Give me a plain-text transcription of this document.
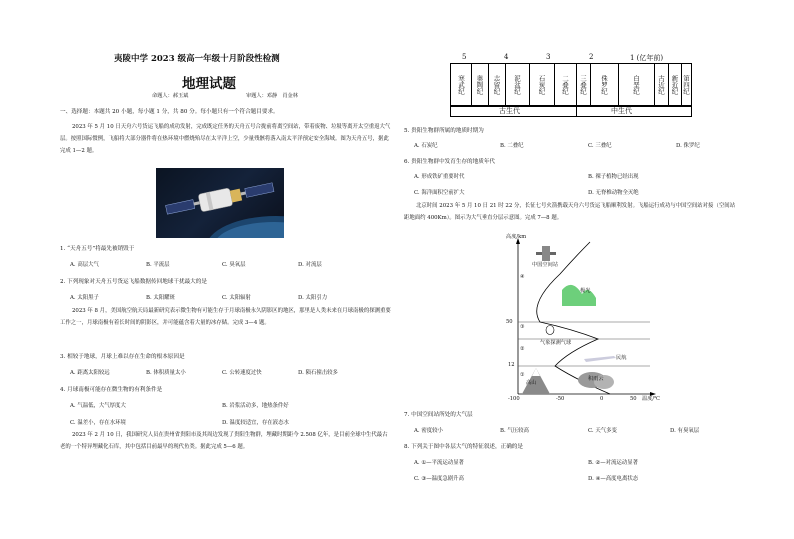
夷陵中学 2023 级高一年级十月阶段性检测
地理试题
命题人：郝玉斌	审题人：邓静　肖金林
一、选择题：本题共 20 小题，每小题 1 分，共 80 分。每小题只有一个符合题目要求。
2023 年 5 月 10 日天舟六号货运飞船的成功发射，完成既定任务的天舟五号合拢前将离空间站，带着废物、垃圾等离开太空重返大气层。按照国际惯例，飞船将大部分器件将在热环境中燃烧殆尽在太平洋上空，少量残骸将落入南太平洋预定安全海域。图为天舟五号，据此完成 1—2 题。
1. “天舟五号”将最先被销毁于
A. 高层大气	B. 平流层	C. 臭氧层	D. 对流层
2. 下列现象对天舟五号货运飞船数据传回地球干扰最大的是
A. 太阳黑子	B. 太阳耀斑	C. 太阳辐射	D. 太阳引力
2023 年 8 月，美国航空航天局最新研究表示微生物有可能生存于月球南极永久阴影区的地区，那里是人类未来在月球南极的探测重要工作之一，月球南极有着长时间的阴影区，并可能蕴含着大量的冰存储。完成 3—4 题。
3. 相较于地球，月球上难以存在生命的根本原因是
A. 距离太阳较远	B. 体积质量太小	C. 公转速度过快	D. 陨石撞击较多
4. 月球南极可能存在微生物的有利条件是
A. 气温低，大气厚度大	B. 岩浆活动多，地热条件好
C. 温差小，存在水环境	D. 温度较适宜，存在液态水
2023 年 2 月 10 日，我国研究人员在贵州省贵阳市及其周边发现了贵阳生物群，埋藏时期距今 2.508 亿年，是目前全球中生代最古老的一个特异埋藏化石库，其中包括目前最早的现代鱼类。据此完成 5—6 题。
5	4	3	2	1 (亿年前)
寒武纪	奥陶纪	志留纪	泥盆纪	石炭纪	二叠纪	三叠纪	侏罗纪	白垩纪	古近纪 新近纪 第四纪
古生代	中生代
5. 贵阳生物群所属的地质时期为
A. 石炭纪	B. 二叠纪	C. 三叠纪	D. 侏罗纪
6. 贵阳生物群中发育生存的地质年代
A. 形成铁矿重要时代	B. 裸子植物已经出现
C. 海洋面积空前扩大	D. 无脊椎动物全灭绝
北京时间 2023 年 5 月 10 日 21 时 22 分，长征七号火箭携载天舟六号货运飞船顺利发射。飞船运行成功与中国空间站对接（空间站距地面约 400Km）。图示为大气垂直分层示意图。完成 7—8 题。
高度/km
温度/℃
50
12
-100	-50	0	50
④
③
②
①
中国空间站
极光
气象探测气球
民航
高山
积雨云
7. 中国空间站所处的大气层
A. 密度较小	B. 气压较高	C. 天气多变	D. 有臭氧层
8. 下列关于图中各层大气的特征叙述，正确的是
A. ①—平流运动显著	B. ②—对流运动显著
C. ③—温度急剧升高	D. ④—高度电离状态
